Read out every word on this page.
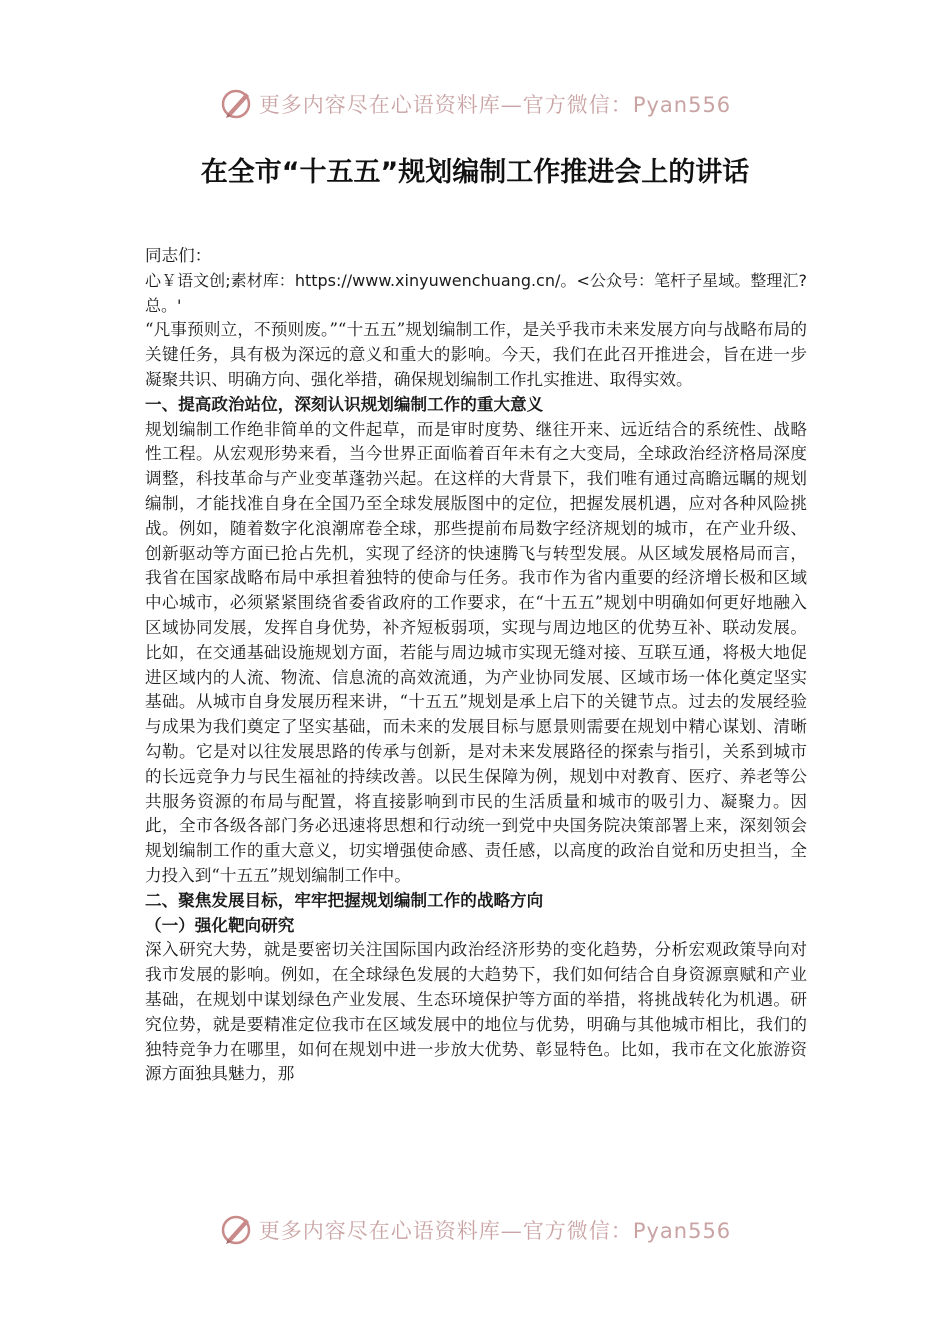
更多内容尽在心语资料库—官方微信：Pyan556
在全市“十五五”规划编制工作推进会上的讲话

同志们：

心￥语文创;素材库：https://www.xinyuwenchuang.cn/。<公众号：笔杆子星域。整理汇?总。'

“凡事预则立，不预则废。”“十五五”规划编制工作，是关乎我市未来发展方向与战略布局的关键任务，具有极为深远的意义和重大的影响。今天，我们在此召开推进会，旨在进一步凝聚共识、明确方向、强化举措，确保规划编制工作扎实推进、取得实效。

一、提高政治站位，深刻认识规划编制工作的重大意义

规划编制工作绝非简单的文件起草，而是审时度势、继往开来、远近结合的系统性、战略性工程。从宏观形势来看，当今世界正面临着百年未有之大变局，全球政治经济格局深度调整，科技革命与产业变革蓬勃兴起。在这样的大背景下，我们唯有通过高瞻远瞩的规划编制，才能找准自身在全国乃至全球发展版图中的定位，把握发展机遇，应对各种风险挑战。例如，随着数字化浪潮席卷全球，那些提前布局数字经济规划的城市，在产业升级、创新驱动等方面已抢占先机，实现了经济的快速腾飞与转型发展。从区域发展格局而言，我省在国家战略布局中承担着独特的使命与任务。我市作为省内重要的经济增长极和区域中心城市，必须紧紧围绕省委省政府的工作要求，在“十五五”规划中明确如何更好地融入区域协同发展，发挥自身优势，补齐短板弱项，实现与周边地区的优势互补、联动发展。比如，在交通基础设施规划方面，若能与周边城市实现无缝对接、互联互通，将极大地促进区域内的人流、物流、信息流的高效流通，为产业协同发展、区域市场一体化奠定坚实基础。从城市自身发展历程来讲，“十五五”规划是承上启下的关键节点。过去的发展经验与成果为我们奠定了坚实基础，而未来的发展目标与愿景则需要在规划中精心谋划、清晰勾勒。它是对以往发展思路的传承与创新，是对未来发展路径的探索与指引，关系到城市的长远竞争力与民生福祉的持续改善。以民生保障为例，规划中对教育、医疗、养老等公共服务资源的布局与配置，将直接影响到市民的生活质量和城市的吸引力、凝聚力。因此，全市各级各部门务必迅速将思想和行动统一到党中央国务院决策部署上来，深刻领会规划编制工作的重大意义，切实增强使命感、责任感，以高度的政治自觉和历史担当，全力投入到“十五五”规划编制工作中。

二、聚焦发展目标，牢牢把握规划编制工作的战略方向

（一）强化靶向研究

深入研究大势，就是要密切关注国际国内政治经济形势的变化趋势，分析宏观政策导向对我市发展的影响。例如，在全球绿色发展的大趋势下，我们如何结合自身资源禀赋和产业基础，在规划中谋划绿色产业发展、生态环境保护等方面的举措，将挑战转化为机遇。研究位势，就是要精准定位我市在区域发展中的地位与优势，明确与其他城市相比，我们的独特竞争力在哪里，如何在规划中进一步放大优势、彰显特色。比如，我市在文化旅游资源方面独具魅力，那

更多内容尽在心语资料库—官方微信：Pyan556
